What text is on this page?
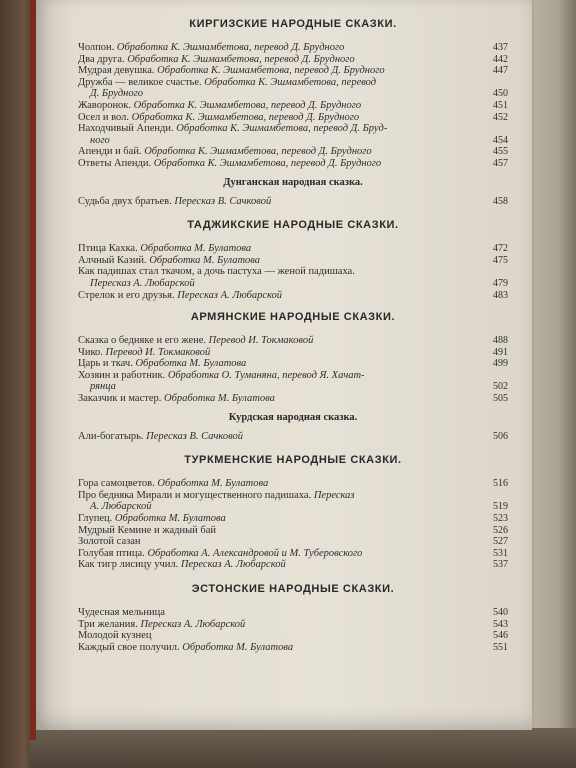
КИРГИЗСКИЕ НАРОДНЫЕ СКАЗКИ.
Чолпон. Обработка К. Эшмамбетова, перевод Д. Брудного	437
Два друга. Обработка К. Эшмамбетова, перевод Д. Брудного	442
Мудрая девушка. Обработка К. Эшмамбетова, перевод Д. Брудного	447
Дружба — великое счастье. Обработка К. Эшмамбетова, перевод
Д. Брудного	450
Жаворонок. Обработка К. Эшмамбетова, перевод Д. Брудного	451
Осел и вол. Обработка К. Эшмамбетова, перевод Д. Брудного	452
Находчивый Апенди. Обработка К. Эшмамбетова, перевод Д. Бруд-
ного	454
Апенди и бай. Обработка К. Эшмамбетова, перевод Д. Брудного	455
Ответы Апенди. Обработка К. Эшмамбетова, перевод Д. Брудного	457
Дунганская народная сказка.
Судьба двух братьев. Пересказ В. Сачковой	458
ТАДЖИКСКИЕ НАРОДНЫЕ СКАЗКИ.
Птица Кахка. Обработка М. Булатова	472
Алчный Казий. Обработка М. Булатова	475
Как падишах стал ткачом, а дочь пастуха — женой падишаха.
Пересказ А. Любарской	479
Стрелок и его друзья. Пересказ А. Любарской	483
АРМЯНСКИЕ НАРОДНЫЕ СКАЗКИ.
Сказка о бедняке и его жене. Перевод И. Токмаковой	488
Чико. Перевод И. Токмаковой	491
Царь и ткач. Обработка М. Булатова	499
Хозяин и работник. Обработка О. Туманяна, перевод Я. Хачат-
рянца	502
Заказчик и мастер. Обработка М. Булатова	505
Курдская народная сказка.
Али-богатырь. Пересказ В. Сачковой	506
ТУРКМЕНСКИЕ НАРОДНЫЕ СКАЗКИ.
Гора самоцветов. Обработка М. Булатова	516
Про бедняка Мирали и могущественного падишаха. Пересказ
А. Любарской	519
Глупец. Обработка М. Булатова	523
Мудрый Кемине и жадный бай	526
Золотой сазан	527
Голубая птица. Обработка А. Александровой и М. Туберовского	531
Как тигр лисицу учил. Пересказ А. Любарской	537
ЭСТОНСКИЕ НАРОДНЫЕ СКАЗКИ.
Чудесная мельница	540
Три желания. Пересказ А. Любарской	543
Молодой кузнец	546
Каждый свое получил. Обработка М. Булатова	551
